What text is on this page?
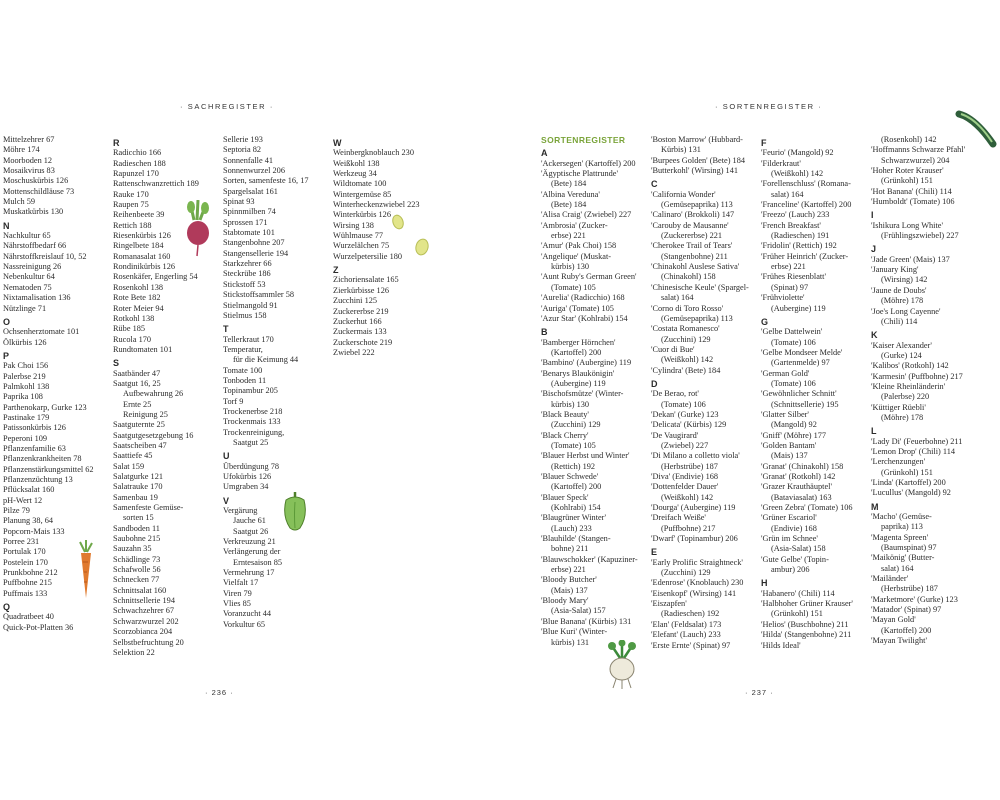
· SACHREGISTER ·	· SORTENREGISTER ·
Mittelzehrer 67
Möhre 174
Moorboden 12
Mosaikvirus 83
Moschuskürbis 126
Mottenschildläuse 73
Mulch 59
Muskatkürbis 130
N
Nachkultur 65
Nährstoffbedarf 66
Nährstoffkreislauf 10, 52
Nassreinigung 26
Nebenkultur 64
Nematoden 75
Nixtamalisation 136
Nützlinge 71
O
Ochsenherztomate 101
Ölkürbis 126
P
Pak Choi 156
Palerbse 219
Palmkohl 138
Paprika 108
Parthenokarp, Gurke 123
Pastinake 179
Patissonkürbis 126
Peperoni 109
Pflanzenfamilie 63
Pflanzenkrankheiten 78
Pflanzenstärkungsmittel 62
Pflanzenzüchtung 13
Pflücksalat 160
pH-Wert 12
Pilze 79
Planung 38, 64
Popcorn-Mais 133
Porree 231
Portulak 170
Postelein 170
Prunkbohne 212
Puffbohne 215
Puffmais 133
Q
Quadratbeet 40
Quick-Pot-Platten 36
R
Radicchio 166
Radieschen 188
Rapunzel 170
Rattenschwanzrettich 189
Rauke 170
Raupen 75
Reihenbeete 39
Rettich 188
Riesenkürbis 126
Ringelbete 184
Romanasalat 160
Rondinikürbis 126
Rosenkäfer, Engerling 54
Rosenkohl 138
Rote Bete 182
Roter Meier 94
Rotkohl 138
Rübe 185
Rucola 170
Rundtomaten 101
S
Saatbänder 47
Saatgut 16, 25
Aufbewahrung 26
Ernte 25
Reinigung 25
Saatguternte 25
Saatgutgesetzgebung 16
Saatscheiben 47
Saattiefe 45
Salat 159
Salatgurke 121
Salatrauke 170
Samenbau 19
Samenfeste Gemüse-
sorten 15
Sandboden 11
Saubohne 215
Sauzahn 35
Schädlinge 73
Schafwolle 56
Schnecken 77
Schnittsalat 160
Schnittsellerie 194
Schwachzehrer 67
Schwarzwurzel 202
Scorzobianca 204
Selbstbefruchtung 20
Selektion 22
Sellerie 193
Septoria 82
Sonnenfalle 41
Sonnenwurzel 206
Sorten, samenfeste 16, 17
Spargelsalat 161
Spinat 93
Spinnmilben 74
Sprossen 171
Stabtomate 101
Stangenbohne 207
Stangensellerie 194
Starkzehrer 66
Steckrübe 186
Stickstoff 53
Stickstoffsammler 58
Stielmangold 91
Stielmus 158
T
Tellerkraut 170
Temperatur,
für die Keimung 44
Tomate 100
Tonboden 11
Topinambur 205
Torf 9
Trockenerbse 218
Trockenmais 133
Trockenreinigung,
Saatgut 25
U
Überdüngung 78
Ufokürbis 126
Umgraben 34
V
Vergärung
Jauche 61
Saatgut 26
Verkreuzung 21
Verlängerung der
Erntesaison 85
Vermehrung 17
Vielfalt 17
Viren 79
Vlies 85
Voranzucht 44
Vorkultur 65
W
Weinbergknoblauch 230
Weißkohl 138
Werkzeug 34
Wildtomate 100
Wintergemüse 85
Winterheckenzwiebel 223
Winterkürbis 126
Wirsing 138
Wühlmause 77
Wurzelälchen 75
Wurzelpetersilie 180
Z
Zichoriensalate 165
Zierkürbisse 126
Zucchini 125
Zuckererbse 219
Zuckerhut 166
Zuckermais 133
Zuckerschote 219
Zwiebel 222
SORTENREGISTER
A
'Ackersegen' (Kartoffel) 200
'Ägyptische Plattrunde'
(Bete) 184
'Albina Vereduna'
(Bete) 184
'Alisa Craig' (Zwiebel) 227
'Ambrosia' (Zucker-
erbse) 221
'Amur' (Pak Choi) 158
'Angelique' (Muskat-
kürbis) 130
'Aunt Ruby's German Green'
(Tomate) 105
'Aurelia' (Radicchio) 168
'Auriga' (Tomate) 105
'Azur Star' (Kohlrabi) 154
B
'Bamberger Hörnchen'
(Kartoffel) 200
'Bambino' (Aubergine) 119
'Benarys Blaukönigin'
(Aubergine) 119
'Bischofsmütze' (Winter-
kürbis) 130
'Black Beauty'
(Zucchini) 129
'Black Cherry'
(Tomate) 105
'Blauer Herbst und Winter'
(Rettich) 192
'Blauer Schwede'
(Kartoffel) 200
'Blauer Speck'
(Kohlrabi) 154
'Blaugrüner Winter'
(Lauch) 233
'Blauhilde' (Stangen-
bohne) 211
'Blauwschokker' (Kapuziner-
erbse) 221
'Bloody Butcher'
(Mais) 137
'Bloody Mary'
(Asia-Salat) 157
'Blue Banana' (Kürbis) 131
'Blue Kuri' (Winter-
kürbis) 131
'Boston Marrow' (Hubbard-
Kürbis) 131
'Burpees Golden' (Bete) 184
'Butterkohl' (Wirsing) 141
C
'California Wonder'
(Gemüsepaprika) 113
'Calinaro' (Brokkoli) 147
'Carouby de Mausanne'
(Zuckererbse) 221
'Cherokee Trail of Tears'
(Stangenbohne) 211
'Chinakohl Auslese Sativa'
(Chinakohl) 158
'Chinesische Keule' (Spargel-
salat) 164
'Corno di Toro Rosso'
(Gemüsepaprika) 113
'Costata Romanesco'
(Zucchini) 129
'Cuor di Bue'
(Weißkohl) 142
'Cylindra' (Bete) 184
D
'De Berao, rot'
(Tomate) 106
'Dekan' (Gurke) 123
'Delicata' (Kürbis) 129
'De Vaugirard'
(Zwiebel) 227
'Di Milano a colletto viola'
(Herbstrübe) 187
'Diva' (Endivie) 168
'Dottenfelder Dauer'
(Weißkohl) 142
'Dourga' (Aubergine) 119
'Dreifach Weiße'
(Puffbohne) 217
'Dwarf' (Topinambur) 206
E
'Early Prolific Straightneck'
(Zucchini) 129
'Edenrose' (Knoblauch) 230
'Eisenkopf' (Wirsing) 141
'Eiszapfen'
(Radieschen) 192
'Elan' (Feldsalat) 173
'Elefant' (Lauch) 233
'Erste Ernte' (Spinat) 97
F
'Feurio' (Mangold) 92
'Filderkraut'
(Weißkohl) 142
'Forellenschluss' (Romana-
salat) 164
'Franceline' (Kartoffel) 200
'Freezo' (Lauch) 233
'French Breakfast'
(Radieschen) 191
'Fridolin' (Rettich) 192
'Früher Heinrich' (Zucker-
erbse) 221
'Frühes Riesenblatt'
(Spinat) 97
'Frühviolette'
(Aubergine) 119
G
'Gelbe Dattelwein'
(Tomate) 106
'Gelbe Mondseer Melde'
(Gartenmelde) 97
'German Gold'
(Tomate) 106
'Gewöhnlicher Schnitt'
(Schnittsellerie) 195
'Glatter Silber'
(Mangold) 92
'Gniff' (Möhre) 177
'Golden Bantam'
(Mais) 137
'Granat' (Chinakohl) 158
'Granat' (Rotkohl) 142
'Grazer Krauthäuptel'
(Bataviasalat) 163
'Green Zebra' (Tomate) 106
'Grüner Escariol'
(Endivie) 168
'Grün im Schnee'
(Asia-Salat) 158
'Gute Gelbe' (Topin-
ambur) 206
H
'Habanero' (Chili) 114
'Halbhoher Grüner Krauser'
(Grünkohl) 151
'Helios' (Buschbohne) 211
'Hilda' (Stangenbohne) 211
'Hilds Ideal'
(Rosenkohl) 142
'Hoffmanns Schwarze Pfahl'
Schwarzwurzel) 204
'Hoher Roter Krauser'
(Grünkohl) 151
'Hot Banana' (Chili) 114
'Humboldt' (Tomate) 106
I
'Ishikura Long White'
(Frühlingszwiebel) 227
J
'Jade Green' (Mais) 137
'January King'
(Wirsing) 142
'Jaune de Doubs'
(Möhre) 178
'Joe's Long Cayenne'
(Chili) 114
K
'Kaiser Alexander'
(Gurke) 124
'Kalibos' (Rotkohl) 142
'Karmesin' (Puffbohne) 217
'Kleine Rheinländerin'
(Palerbse) 220
'Küttiger Rüebli'
(Möhre) 178
L
'Lady Di' (Feuerbohne) 211
'Lemon Drop' (Chili) 114
'Lerchenzungen'
(Grünkohl) 151
'Linda' (Kartoffel) 200
'Lucullus' (Mangold) 92
M
'Macho' (Gemüse-
paprika) 113
'Magenta Spreen'
(Baumspinat) 97
'Maikönig' (Butter-
salat) 164
'Mailänder'
(Herbstrübe) 187
'Marketmore' (Gurke) 123
'Matador' (Spinat) 97
'Mayan Gold'
(Kartoffel) 200
'Mayan Twilight'
· 236 ·	· 237 ·
